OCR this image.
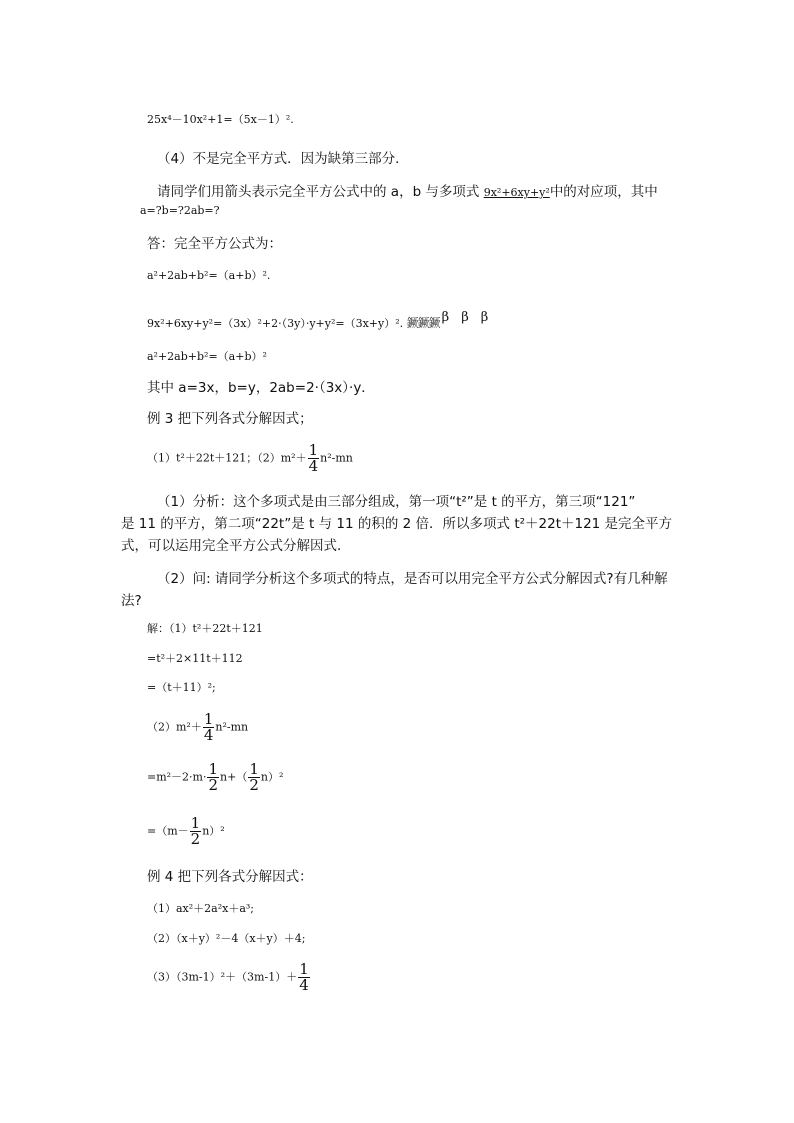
25x⁴－10x²+1=（5x－1）².
（4）不是完全平方式．因为缺第三部分．
请同学们用箭头表示完全平方公式中的 a，b 与多项式 9x²+6xy+y²中的对应项，其中
a=?b=?2ab=?
答：完全平方公式为：
a²+2ab+b²=（a+b）².
9x²+6xy+y²=（3x）²+2·（3y）·y+y²=（3x+y）². 鐝鐝鐝 β β β
a²+2ab+b²=（a+b）²
其中 a=3x，b=y，2ab=2·（3x）·y．
例 3 把下列各式分解因式；
（1）t²＋22t＋121；$(2)m^2+ \frac{1}{4} n^2-mn$
（1）分析：这个多项式是由三部分组成，第一项“t²”是 t 的平方，第三项“121”
是 11 的平方，第二项“22t”是 t 与 11 的积的 2 倍．所以多项式 t²＋22t＋121 是完全平方
式，可以运用完全平方公式分解因式．
（2）问: 请同学分析这个多项式的特点，是否可以用完全平方公式分解因式?有几种解
法?
解：（1）t²＋22t＋121
=t²＋2×11t＋112
=（t＋11）²;
$(2)m^2+ \frac{1}{4} n^2-mn$
$=m^2-2\cdot m\cdot \frac{1}{2} n+( \frac{1}{2} n)^2$
$=(m- \frac{1}{2} n)^2$
例 4 把下列各式分解因式：
（1）ax²＋2a²x＋a³;
（2）（x＋y）²－4（x＋y）＋4;
$(3)(3m-1)^2+(3m-1)+ \frac{1}{4}$
